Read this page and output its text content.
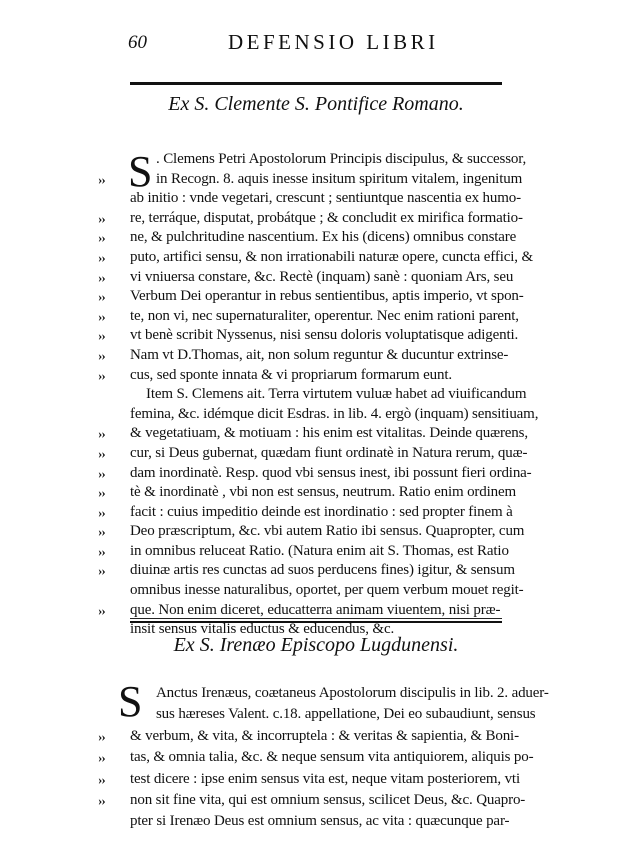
60	DEFENSIO LIBRI
Ex S. Clemente S. Pontifice Romano.
S . Clemens Petri Apostolorum Principis discipulus, & successor,
››	in Recogn. 8. aquis inesse insitum spiritum vitalem, ingenitum
ab initio : vnde vegetari, crescunt ; sentiuntque nascentia ex humo-
››	re, terráque, disputat, probátque ; & concludit ex mirifica formatio-
››	ne, & pulchritudine nascentium. Ex his (dicens) omnibus constare
››	puto, artifici sensu, & non irrationabili naturæ opere, cuncta effici, &
››	vi vniuersa constare, &c. Rectè (inquam) sanè : quoniam Ars, seu
››	Verbum Dei operantur in rebus sentientibus, aptis imperio, vt spon-
››	te, non vi, nec supernaturaliter, operentur. Nec enim rationi parent,
››	vt benè scribit Nyssenus, nisi sensu doloris voluptatisque adigenti.
››	Nam vt D.Thomas, ait, non solum reguntur & ducuntur extrinse-
››	cus, sed sponte innata & vi propriarum formarum eunt.
Item S. Clemens ait. Terra virtutem vuluæ habet ad viuificandum
femina, &c. idémque dicit Esdras. in lib. 4. ergò (inquam) sensitiuam,
››	& vegetatiuam, & motiuam : his enim est vitalitas. Deinde quærens,
››	cur, si Deus gubernat, quædam fiunt ordinatè in Natura rerum, quæ-
››	dam inordinatè. Resp. quod vbi sensus inest, ibi possunt fieri ordina-
››	tè & inordinatè , vbi non est sensus, neutrum. Ratio enim ordinem
››	facit : cuius impeditio deinde est inordinatio : sed propter finem à
››	Deo præscriptum, &c. vbi autem Ratio ibi sensus. Quapropter, cum
››	in omnibus reluceat Ratio. (Natura enim ait S. Thomas, est Ratio
››	diuinæ artis res cunctas ad suos perducens fines) igitur, & sensum
omnibus inesse naturalibus, oportet, per quem verbum mouet regit-
››	que. Non enim diceret, educatterra animam viuentem, nisi præ-
insit sensus vitalis eductus & educendus, &c.
Ex S. Irenæo Episcopo Lugdunensi.
S Anctus Irenæus, coætaneus Apostolorum discipulis in lib. 2. aduer-
sus hæreses Valent. c.18. appellatione, Dei eo subaudiunt, sensus
››	& verbum, & vita, & incorruptela : & veritas & sapientia, & Boni-
››	tas, & omnia talia, &c. & neque sensum vita antiquiorem, aliquis po-
››	test dicere : ipse enim sensus vita est, neque vitam posteriorem, vti
››	non sit fine vita, qui est omnium sensus, scilicet Deus, &c. Quapro-
pter si Irenæo Deus est omnium sensus, ac vita : quæcunque par-
